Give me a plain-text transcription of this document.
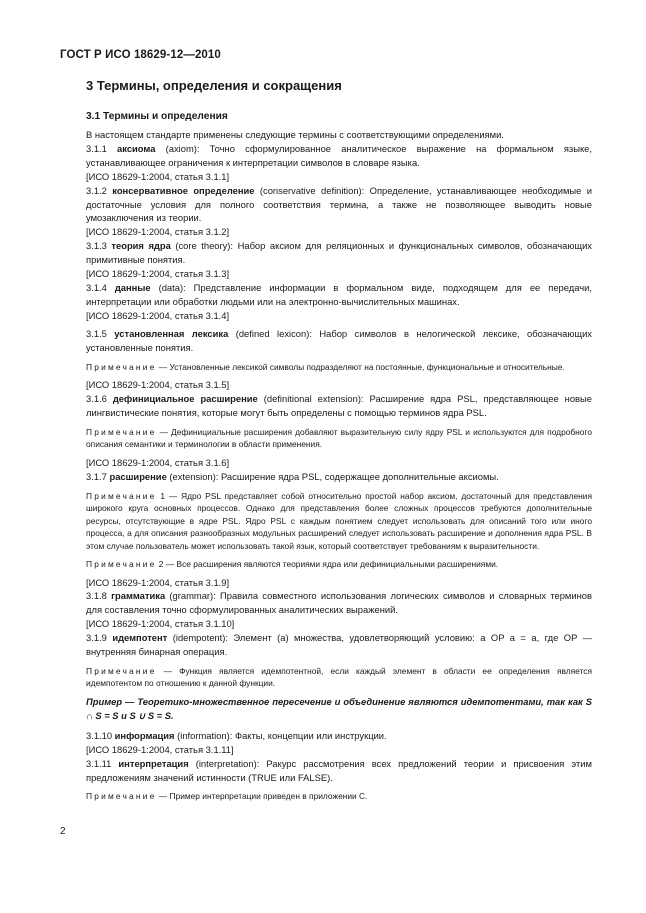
ГОСТ Р ИСО 18629-12—2010
3 Термины, определения и сокращения
3.1 Термины и определения

В настоящем стандарте применены следующие термины с соответствующими определениями.

3.1.1 аксиома (axiom): Точно сформулированное аналитическое выражение на формальном языке, устанавливающее ограничения к интерпретации символов в словаре языка.

[ИСО 18629-1:2004, статья 3.1.1]

3.1.2 консервативное определение (conservative definition): Определение, устанавливающее необходимые и достаточные условия для полного соответствия термина, а также не позволяющее выводить новые умозаключения из теории.

[ИСО 18629-1:2004, статья 3.1.2]

3.1.3 теория ядра (core theory): Набор аксиом для реляционных и функциональных символов, обозначающих примитивные понятия.

[ИСО 18629-1:2004, статья 3.1.3]

3.1.4 данные (data): Представление информации в формальном виде, подходящем для ее передачи, интерпретации или обработки людьми или на электронно-вычислительных машинах.

[ИСО 18629-1:2004, статья 3.1.4]

3.1.5 установленная лексика (defined lexicon): Набор символов в нелогической лексике, обозначающих установленные понятия.

Примечание — Установленные лексикой символы подразделяют на постоянные, функциональные и относительные.

[ИСО 18629-1:2004, статья 3.1.5]

3.1.6 дефинициальное расширение (definitional extension): Расширение ядра PSL, представляющее новые лингвистические понятия, которые могут быть определены с помощью терминов ядра PSL.

Примечание — Дефинициальные расширения добавляют выразительную силу ядру PSL и используются для подробного описания семантики и терминологии в области применения.

[ИСО 18629-1:2004, статья 3.1.6]

3.1.7 расширение (extension): Расширение ядра PSL, содержащее дополнительные аксиомы.

Примечание 1 — Ядро PSL представляет собой относительно простой набор аксиом, достаточный для представления широкого круга основных процессов. Однако для представления более сложных процессов требуются дополнительные ресурсы, отсутствующие в ядре PSL. Ядро PSL с каждым понятием следует использовать для описаний того или иного процесса, а для описания разнообразных модульных расширений следует использовать расширение и дополнения ядра PSL. В этом случае пользователь может использовать такой язык, который соответствует требованиям к выразительности.

Примечание 2 — Все расширения являются теориями ядра или дефинициальными расширениями.

[ИСО 18629-1:2004, статья 3.1.9]

3.1.8 грамматика (grammar): Правила совместного использования логических символов и словарных терминов для составления точно сформулированных аналитических выражений.

[ИСО 18629-1:2004, статья 3.1.10]

3.1.9 идемпотент (idempotent): Элемент (а) множества, удовлетворяющий условию: a OP a = a, где OP — внутренняя бинарная операция.

Примечание — Функция является идемпотентной, если каждый элемент в области ее определения является идемпотентом по отношению к данной функции.

Пример — Теоретико-множественное пересечение и объединение являются идемпотентами, так как S ∩ S = S и S ∪ S = S.

3.1.10 информация (information): Факты, концепции или инструкции.

[ИСО 18629-1:2004, статья 3.1.11]

3.1.11 интерпретация (interpretation): Ракурс рассмотрения всех предложений теории и присвоения этим предложениям значений истинности (TRUE или FALSE).

Примечание — Пример интерпретации приведен в приложении С.

2
